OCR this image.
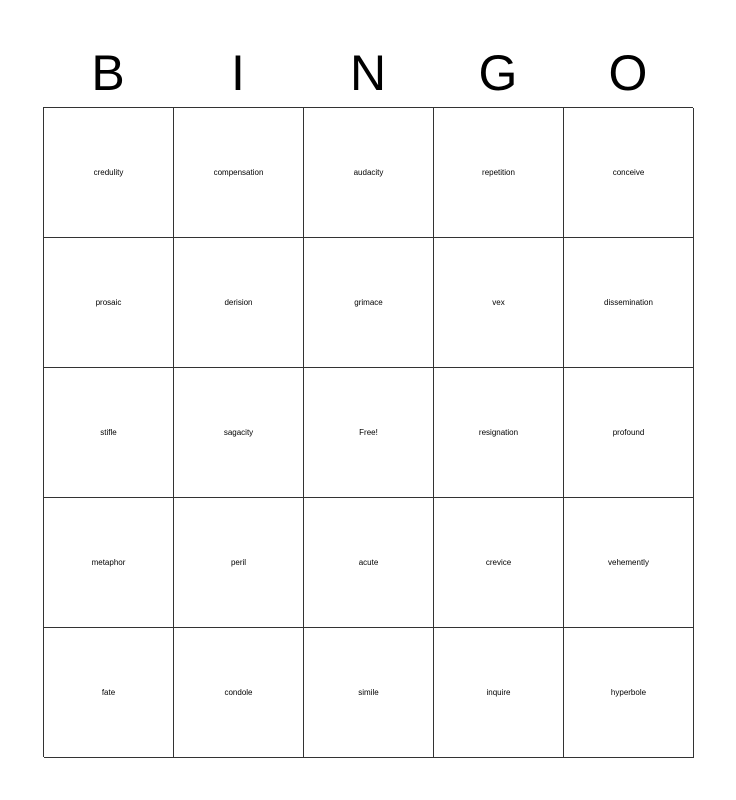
B	I	N	G	O
credulity	compensation	audacity	repetition	conceive
prosaic	derision	grimace	vex	dissemination
stifle	sagacity	Free!	resignation	profound
metaphor	peril	acute	crevice	vehemently
fate	condole	simile	inquire	hyperbole
